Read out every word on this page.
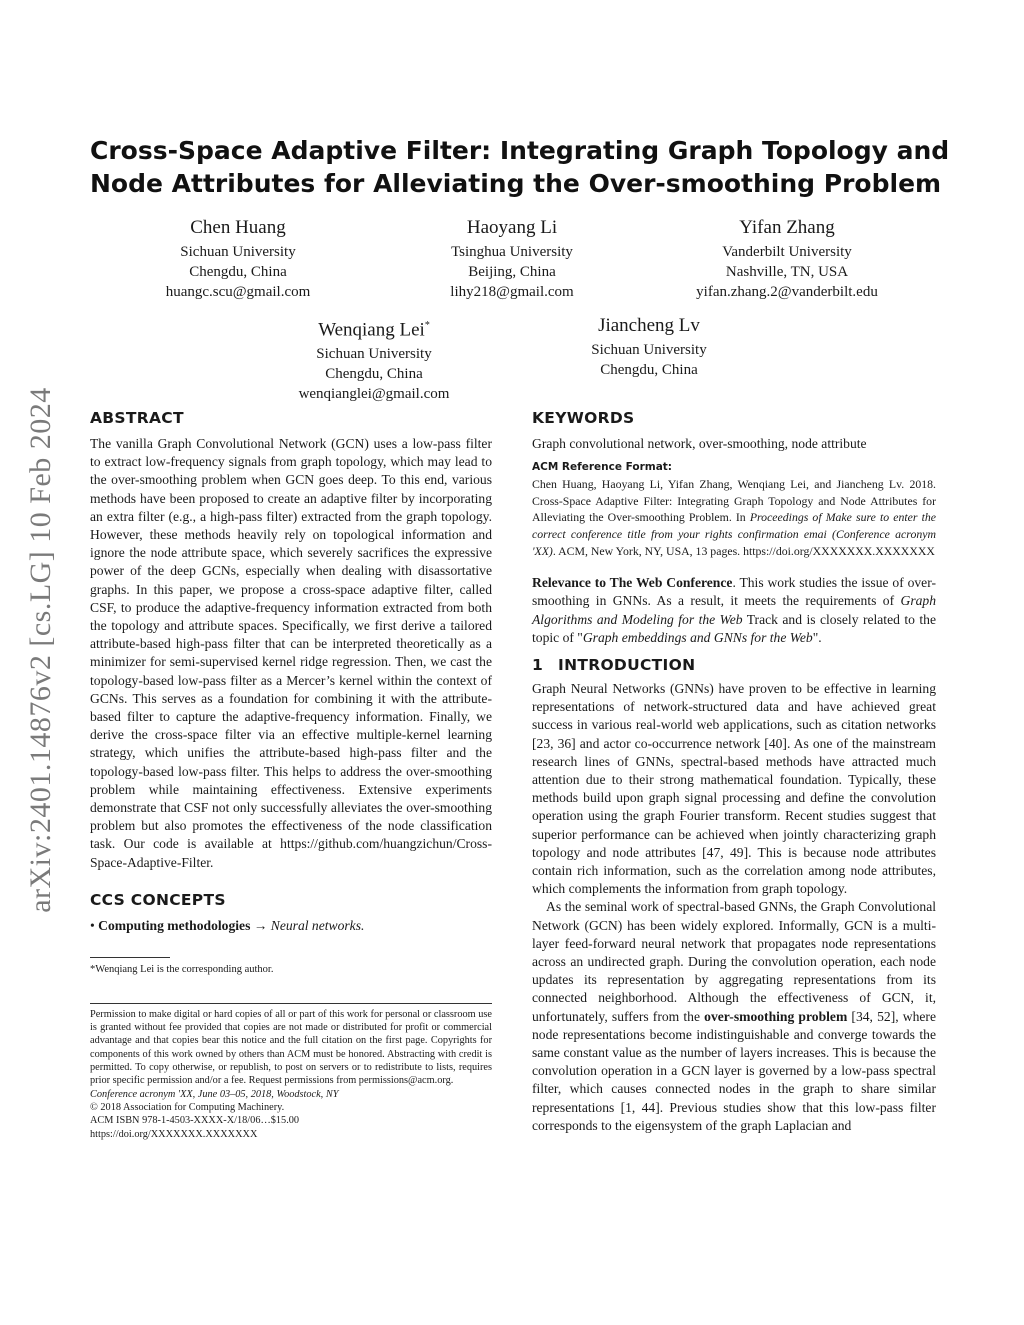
arXiv:2401.14876v2 [cs.LG] 10 Feb 2024
Cross-Space Adaptive Filter: Integrating Graph Topology and
Node Attributes for Alleviating the Over-smoothing Problem
Chen Huang
Sichuan University
Chengdu, China
huangc.scu@gmail.com
Haoyang Li
Tsinghua University
Beijing, China
lihy218@gmail.com
Yifan Zhang
Vanderbilt University
Nashville, TN, USA
yifan.zhang.2@vanderbilt.edu
Wenqiang Lei*
Sichuan University
Chengdu, China
wenqianglei@gmail.com
Jiancheng Lv
Sichuan University
Chengdu, China
ABSTRACT

The vanilla Graph Convolutional Network (GCN) uses a low-pass filter to extract low-frequency signals from graph topology, which may lead to the over-smoothing problem when GCN goes deep. To this end, various methods have been proposed to create an adaptive filter by incorporating an extra filter (e.g., a high-pass filter) extracted from the graph topology. However, these methods heavily rely on topological information and ignore the node attribute space, which severely sacrifices the expressive power of the deep GCNs, especially when dealing with disassortative graphs. In this paper, we propose a cross-space adaptive filter, called CSF, to produce the adaptive-frequency information extracted from both the topology and attribute spaces. Specifically, we first derive a tailored attribute-based high-pass filter that can be interpreted theoretically as a minimizer for semi-supervised kernel ridge regression. Then, we cast the topology-based low-pass filter as a Mercer’s kernel within the context of GCNs. This serves as a foundation for combining it with the attribute-based filter to capture the adaptive-frequency information. Finally, we derive the cross-space filter via an effective multiple-kernel learning strategy, which unifies the attribute-based high-pass filter and the topology-based low-pass filter. This helps to address the over-smoothing problem while maintaining effectiveness. Extensive experiments demonstrate that CSF not only successfully alleviates the over-smoothing problem but also promotes the effectiveness of the node classification task. Our code is available at https://github.com/huangzichun/Cross-Space-Adaptive-Filter.

CCS CONCEPTS

• Computing methodologies → Neural networks.

*Wenqiang Lei is the corresponding author.

Permission to make digital or hard copies of all or part of this work for personal or classroom use is granted without fee provided that copies are not made or distributed for profit or commercial advantage and that copies bear this notice and the full citation on the first page. Copyrights for components of this work owned by others than ACM must be honored. Abstracting with credit is permitted. To copy otherwise, or republish, to post on servers or to redistribute to lists, requires prior specific permission and/or a fee. Request permissions from permissions@acm.org.

Conference acronym 'XX, June 03–05, 2018, Woodstock, NY

© 2018 Association for Computing Machinery.

ACM ISBN 978-1-4503-XXXX-X/18/06…$15.00

https://doi.org/XXXXXXX.XXXXXXX

KEYWORDS

Graph convolutional network, over-smoothing, node attribute

ACM Reference Format:

Chen Huang, Haoyang Li, Yifan Zhang, Wenqiang Lei, and Jiancheng Lv. 2018. Cross-Space Adaptive Filter: Integrating Graph Topology and Node Attributes for Alleviating the Over-smoothing Problem. In Proceedings of Make sure to enter the correct conference title from your rights confirmation emai (Conference acronym 'XX). ACM, New York, NY, USA, 13 pages. https://doi.org/XXXXXXX.XXXXXXX

Relevance to The Web Conference. This work studies the issue of over-smoothing in GNNs. As a result, it meets the requirements of Graph Algorithms and Modeling for the Web Track and is closely related to the topic of "Graph embeddings and GNNs for the Web".

1 INTRODUCTION

Graph Neural Networks (GNNs) have proven to be effective in learning representations of network-structured data and have achieved great success in various real-world web applications, such as citation networks [23, 36] and actor co-occurrence network [40]. As one of the mainstream research lines of GNNs, spectral-based methods have attracted much attention due to their strong mathematical foundation. Typically, these methods build upon graph signal processing and define the convolution operation using the graph Fourier transform. Recent studies suggest that superior performance can be achieved when jointly characterizing graph topology and node attributes [47, 49]. This is because node attributes contain rich information, such as the correlation among node attributes, which complements the information from graph topology.

As the seminal work of spectral-based GNNs, the Graph Convolutional Network (GCN) has been widely explored. Informally, GCN is a multi-layer feed-forward neural network that propagates node representations across an undirected graph. During the convolution operation, each node updates its representation by aggregating representations from its connected neighborhood. Although the effectiveness of GCN, it, unfortunately, suffers from the over-smoothing problem [34, 52], where node representations become indistinguishable and converge towards the same constant value as the number of layers increases. This is because the convolution operation in a GCN layer is governed by a low-pass spectral filter, which causes connected nodes in the graph to share similar representations [1, 44]. Previous studies show that this low-pass filter corresponds to the eigensystem of the graph Laplacian and
